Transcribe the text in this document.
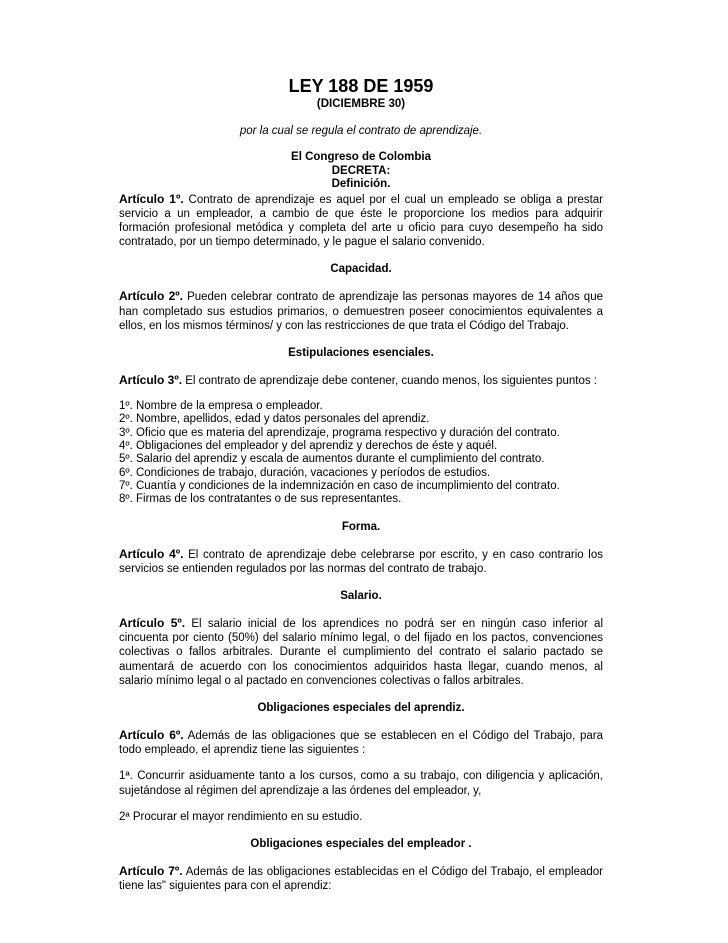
LEY 188 DE 1959
(DICIEMBRE 30)
por la cual se regula el contrato de aprendizaje.
El Congreso de Colombia
DECRETA:
Definición.

Artículo 1º. Contrato de aprendizaje es aquel por el cual un empleado se obliga a prestar servicio a un empleador, a cambio de que éste le proporcione los medios para adquirir formación profesional metódica y completa del arte u oficio para cuyo desempeño ha sido contratado, por un tiempo determinado, y le pague el salario convenido.

Capacidad.

Artículo 2º. Pueden celebrar contrato de aprendizaje las personas mayores de 14 años que han completado sus estudios primarios, o demuestren poseer conocimientos equivalentes a ellos, en los mismos términos/ y con las restricciones de que trata el Código del Trabajo.

Estipulaciones esenciales.

Artículo 3º. El contrato de aprendizaje debe contener, cuando menos, los siguientes puntos :

1º. Nombre de la empresa o empleador.
2º. Nombre, apellidos, edad y datos personales del aprendiz.
3º. Oficio que es materia del aprendizaje, programa respectivo y duración del contrato.
4º. Obligaciones del empleador y del aprendiz y derechos de éste y aquél.
5º. Salario del aprendiz y escala de aumentos durante el cumplimiento del contrato.
6º. Condiciones de trabajo, duración, vacaciones y períodos de estudios.
7º. Cuantía y condiciones de la indemnización en caso de incumplimiento del contrato.
8º. Firmas de los contratantes o de sus representantes.
Forma.

Artículo 4º. El contrato de aprendizaje debe celebrarse por escrito, y en caso contrario los servicios se entienden regulados por las normas del contrato de trabajo.

Salario.

Artículo 5º. El salario inicial de los aprendices no podrá ser en ningún caso inferior al cincuenta por ciento (50%) del salario mínimo legal, o del fijado en los pactos, convenciones colectivas o fallos arbitrales. Durante el cumplimiento del contrato el salario pactado se aumentará de acuerdo con los conocimientos adquiridos hasta llegar, cuando menos, al salario mínimo legal o al pactado en convenciones colectivas o fallos arbitrales.

Obligaciones especiales del aprendiz.

Artículo 6º. Además de las obligaciones que se establecen en el Código del Trabajo, para todo empleado, el aprendiz tiene las siguientes :

1ª. Concurrir asiduamente tanto a los cursos, como a su trabajo, con diligencia y aplicación, sujetándose al régimen del aprendizaje a las órdenes del empleador, y,

2ª Procurar el mayor rendimiento en su estudio.

Obligaciones especiales del empleador .

Artículo 7º. Además de las obligaciones establecidas en el Código del Trabajo, el empleador tiene las" siguientes para con el aprendiz:
